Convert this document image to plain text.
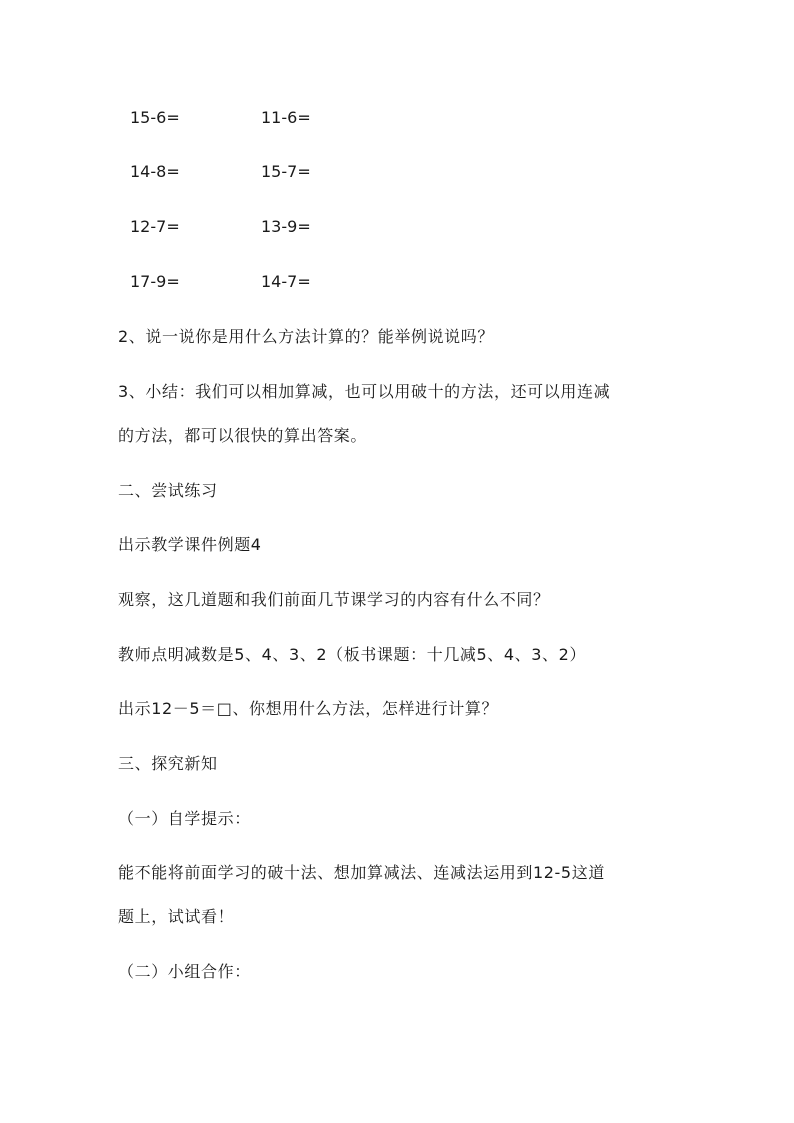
15-6=	11-6=
14-8=	15-7=
12-7=	13-9=
17-9=	14-7=
2、说一说你是用什么方法计算的？能举例说说吗？
3、小结：我们可以相加算减，也可以用破十的方法，还可以用连减
的方法，都可以很快的算出答案。
二、尝试练习
出示教学课件例题4
观察，这几道题和我们前面几节课学习的内容有什么不同？
教师点明减数是5、4、3、2（板书课题：十几减5、4、3、2）
出示12－5＝□、你想用什么方法，怎样进行计算？
三、探究新知
（一）自学提示：
能不能将前面学习的破十法、想加算减法、连减法运用到12-5这道
题上，试试看！
（二）小组合作：
